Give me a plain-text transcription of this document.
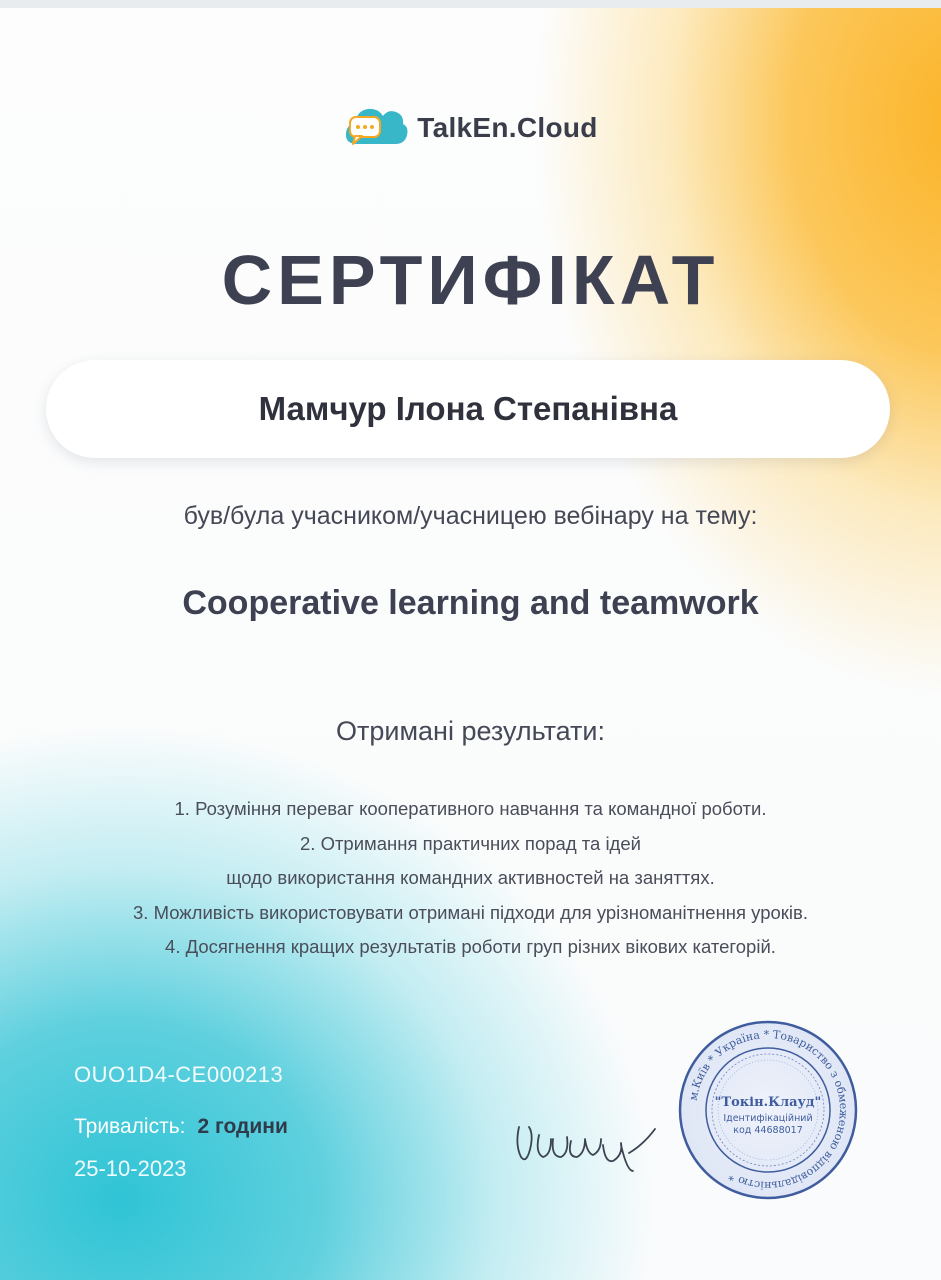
TalkEn.Cloud
СЕРТИФІКАТ
Мамчур Ілона Степанівна
був/була учасником/учасницею вебінару на тему:
Cooperative learning and teamwork
Отримані результати:
1. Розуміння переваг кооперативного навчання та командної роботи.
2. Отримання практичних порад та ідей
щодо використання командних активностей на заняттях.
3. Можливість використовувати отримані підходи для урізноманітнення уроків.
4. Досягнення кращих результатів роботи груп різних вікових категорій.
OUO1D4-CE000213
Тривалість: 2 години
25-10-2023
м.Київ * Україна * Товариство з обмеженою відповідальністю *
"Токін.Клауд"
Ідентифікаційний
код 44688017
